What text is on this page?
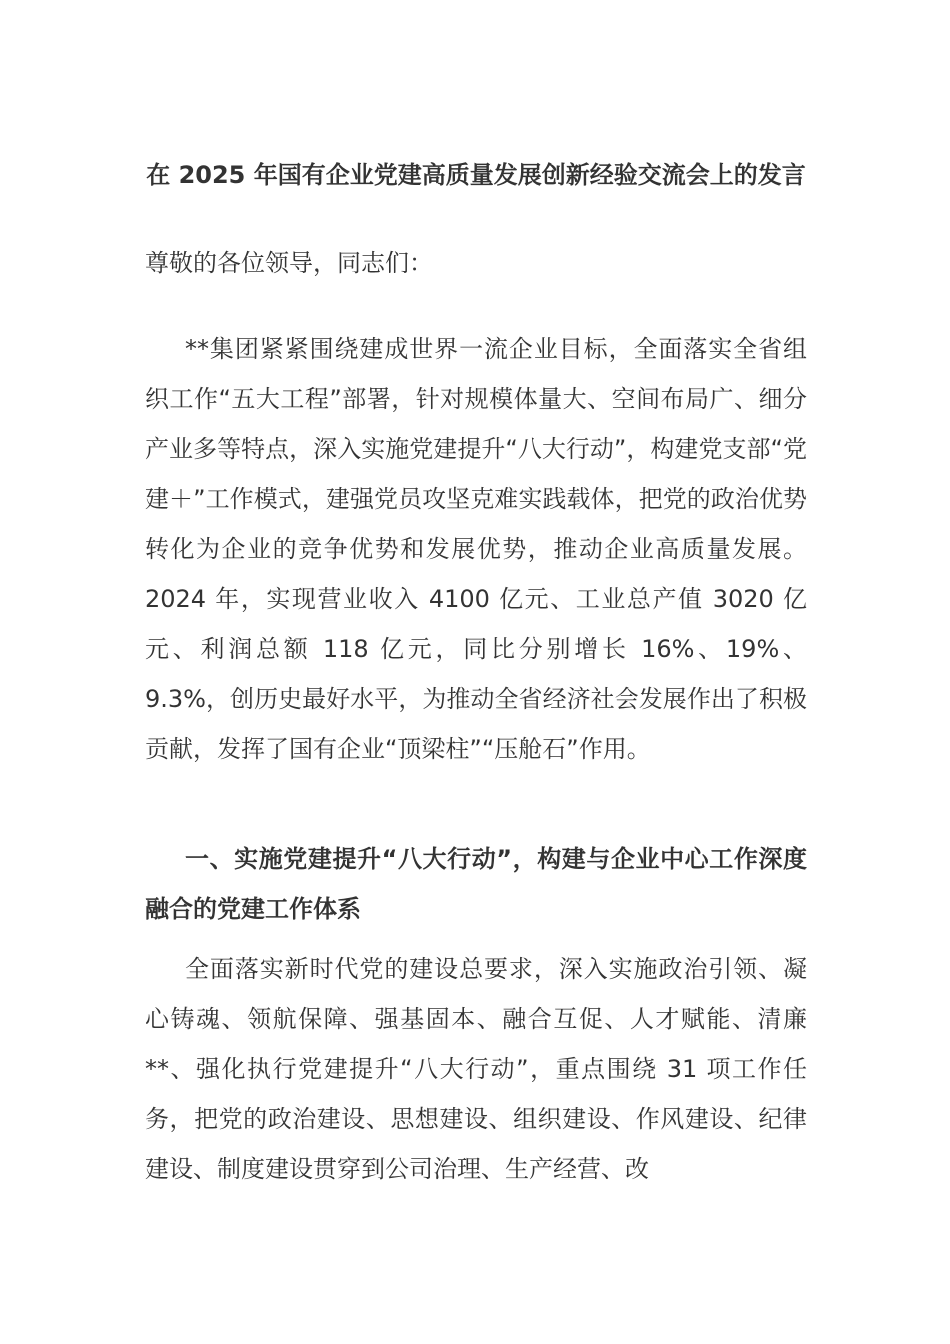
在 2025 年国有企业党建高质量发展创新经验交流会上的发言
尊敬的各位领导，同志们：

**集团紧紧围绕建成世界一流企业目标，全面落实全省组织工作“五大工程”部署，针对规模体量大、空间布局广、细分产业多等特点，深入实施党建提升“八大行动”，构建党支部“党建＋”工作模式，建强党员攻坚克难实践载体，把党的政治优势转化为企业的竞争优势和发展优势，推动企业高质量发展。2024 年，实现营业收入 4100 亿元、工业总产值 3020 亿元、利润总额 118 亿元，同比分别增长 16%、19%、9.3%，创历史最好水平，为推动全省经济社会发展作出了积极贡献，发挥了国有企业“顶梁柱”“压舱石”作用。

一、实施党建提升“八大行动”，构建与企业中心工作深度融合的党建工作体系

全面落实新时代党的建设总要求，深入实施政治引领、凝心铸魂、领航保障、强基固本、融合互促、人才赋能、清廉**、强化执行党建提升“八大行动”，重点围绕 31 项工作任务，把党的政治建设、思想建设、组织建设、作风建设、纪律建设、制度建设贯穿到公司治理、生产经营、改
